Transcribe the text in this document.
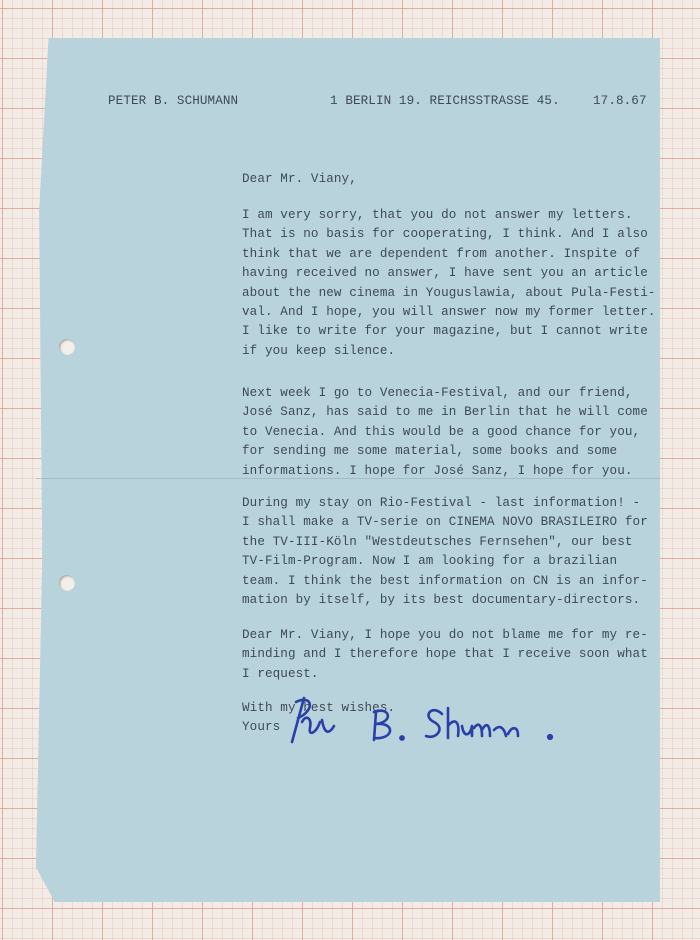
PETER B. SCHUMANN

	1 BERLIN 19. REICHSSTRASSE 45.

	17.8.67

Dear Mr. Viany,
I am very sorry, that you do not answer my letters.
That is no basis for cooperating, I think. And I also
think that we are dependent from another. Inspite of
having received no answer, I have sent you an article
about the new cinema in Youguslawia, about Pula-Festi-
val. And I hope, you will answer now my former letter.
I like to write for your magazine, but I cannot write
if you keep silence.
Next week I go to Venecia-Festival, and our friend,
José Sanz, has said to me in Berlin that he will come
to Venecia. And this would be a good chance for you,
for sending me some material, some books and some
informations. I hope for José Sanz, I hope for you.
During my stay on Rio-Festival - last information! -
I shall make a TV-serie on CINEMA NOVO BRASILEIRO for
the TV-III-Köln "Westdeutsches Fernsehen", our best
TV-Film-Program. Now I am looking for a brazilian
team. I think the best information on CN is an infor-
mation by itself, by its best documentary-directors.
Dear Mr. Viany, I hope you do not blame me for my re-
minding and I therefore hope that I receive soon what
I request.
With my best wishes.
Yours
